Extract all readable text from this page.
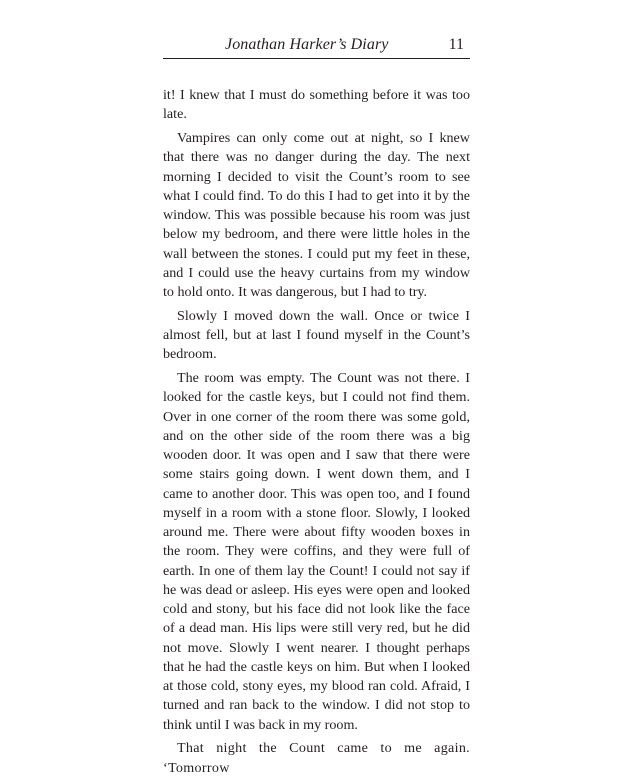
Jonathan Harker’s Diary	11

it! I knew that I must do something before it was too late.

Vampires can only come out at night, so I knew that there was no danger during the day. The next morning I decided to visit the Count’s room to see what I could find. To do this I had to get into it by the window. This was possible because his room was just below my bedroom, and there were little holes in the wall between the stones. I could put my feet in these, and I could use the heavy curtains from my window to hold onto. It was dangerous, but I had to try.

Slowly I moved down the wall. Once or twice I almost fell, but at last I found myself in the Count’s bedroom.

The room was empty. The Count was not there. I looked for the castle keys, but I could not find them. Over in one corner of the room there was some gold, and on the other side of the room there was a big wooden door. It was open and I saw that there were some stairs going down. I went down them, and I came to another door. This was open too, and I found myself in a room with a stone floor. Slowly, I looked around me. There were about fifty wooden boxes in the room. They were coffins, and they were full of earth. In one of them lay the Count! I could not say if he was dead or asleep. His eyes were open and looked cold and stony, but his face did not look like the face of a dead man. His lips were still very red, but he did not move. Slowly I went nearer. I thought perhaps that he had the castle keys on him. But when I looked at those cold, stony eyes, my blood ran cold. Afraid, I turned and ran back to the window. I did not stop to think until I was back in my room.

That night the Count came to me again. ‘Tomorrow
